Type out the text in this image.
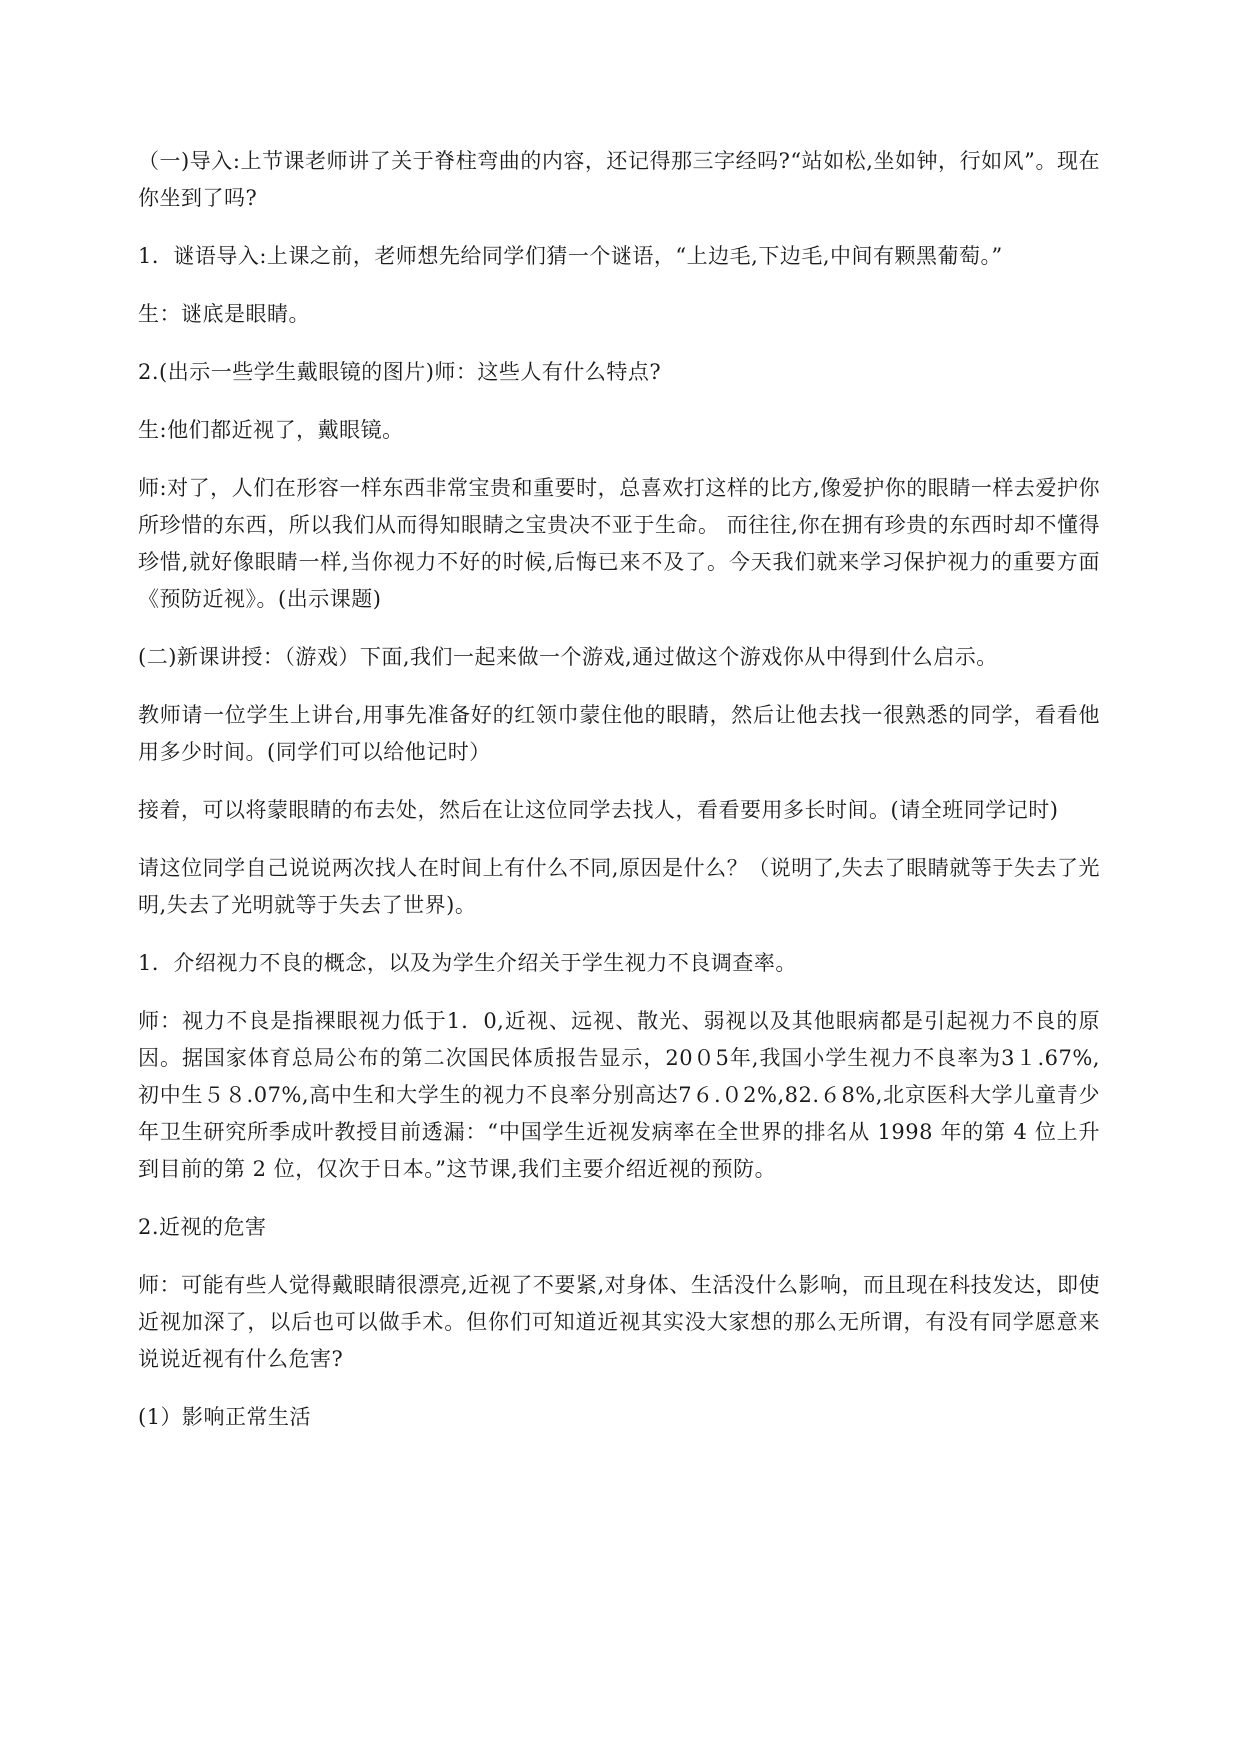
（一)导入:上节课老师讲了关于脊柱弯曲的内容，还记得那三字经吗?“站如松,坐如钟，行如风”。现在你坐到了吗?

1．谜语导入:上课之前，老师想先给同学们猜一个谜语，“上边毛,下边毛,中间有颗黑葡萄。”

生：谜底是眼睛。

2.(出示一些学生戴眼镜的图片)师：这些人有什么特点?

生:他们都近视了，戴眼镜。

师:对了，人们在形容一样东西非常宝贵和重要时，总喜欢打这样的比方,像爱护你的眼睛一样去爱护你所珍惜的东西，所以我们从而得知眼睛之宝贵决不亚于生命。 而往往,你在拥有珍贵的东西时却不懂得珍惜,就好像眼睛一样,当你视力不好的时候,后悔已来不及了。今天我们就来学习保护视力的重要方面《预防近视》。(出示课题)

(二)新课讲授：（游戏）下面,我们一起来做一个游戏,通过做这个游戏你从中得到什么启示。

教师请一位学生上讲台,用事先准备好的红领巾蒙住他的眼睛，然后让他去找一很熟悉的同学，看看他用多少时间。(同学们可以给他记时）

接着，可以将蒙眼睛的布去处，然后在让这位同学去找人，看看要用多长时间。(请全班同学记时)

请这位同学自己说说两次找人在时间上有什么不同,原因是什么？（说明了,失去了眼睛就等于失去了光明,失去了光明就等于失去了世界)。

1．介绍视力不良的概念，以及为学生介绍关于学生视力不良调查率。

师：视力不良是指裸眼视力低于1．0,近视、远视、散光、弱视以及其他眼病都是引起视力不良的原因。据国家体育总局公布的第二次国民体质报告显示，20０5年,我国小学生视力不良率为3１.67%,初中生５８.07%,高中生和大学生的视力不良率分别高达7６.０2%,82.６8%,北京医科大学儿童青少年卫生研究所季成叶教授目前透漏：“中国学生近视发病率在全世界的排名从 1998 年的第 4 位上升到目前的第 2 位，仅次于日本。”这节课,我们主要介绍近视的预防。

2.近视的危害

师：可能有些人觉得戴眼睛很漂亮,近视了不要紧,对身体、生活没什么影响，而且现在科技发达，即使近视加深了，以后也可以做手术。但你们可知道近视其实没大家想的那么无所谓，有没有同学愿意来说说近视有什么危害?

(1）影响正常生活
